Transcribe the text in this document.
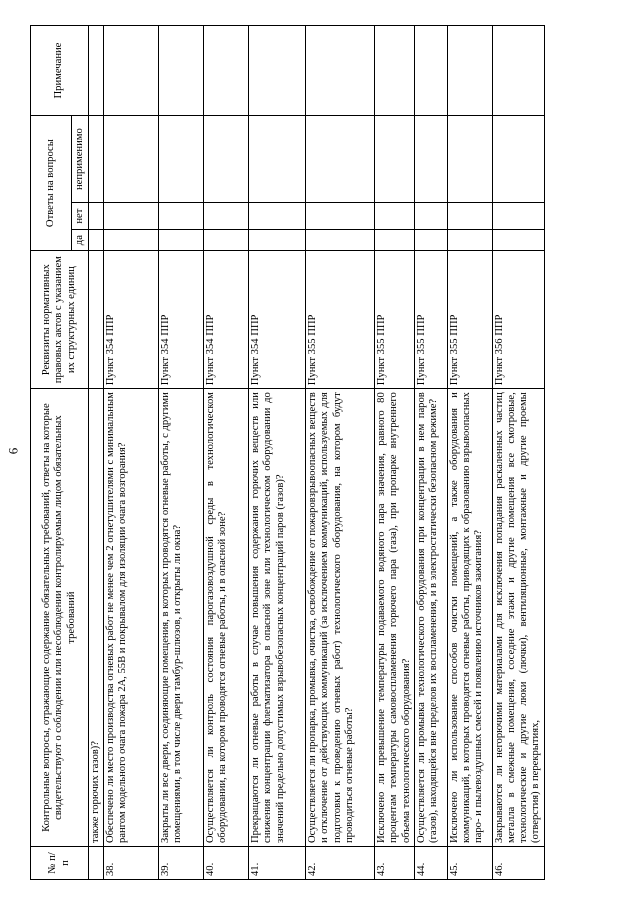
6
№ п/п	Контрольные вопросы, отражающие содержание обязательных требований, ответы на которые свидетельствуют о соблюдении или несоблюдении контролируемым лицом обязательных требований	Реквизиты нормативных правовых актов с указанием их структурных единиц	Ответы на вопросы			Примечание
			да	нет	неприменимо	
	также горючих газов)?					
38.	Обеспечено ли место производства огневых работ не менее чем 2 огнетушителями с минимальным рангом модельного очага пожара 2А, 55В и покрывалом для изоляции очага возгорания?	Пункт 354 ППР				
39.	Закрыты ли все двери, соединяющие помещения, в которых проводятся огневые работы, с другими помещениями, в том числе двери тамбур-шлюзов, и открыты ли окна?	Пункт 354 ППР				
40.	Осуществляется ли контроль состояния парогазовоздушной среды в технологическом оборудовании, на котором проводятся огневые работы, и в опасной зоне?	Пункт 354 ППР				
41.	Прекращаются ли огневые работы в случае повышения содержания горючих веществ или снижения концентрации флегматизатора в опасной зоне или технологическом оборудовании до значений предельно допустимых взрывобезопасных концентраций паров (газов)?	Пункт 354 ППР				
42.	Осуществляется ли пропарка, промывка, очистка, освобождение от пожаровзрывоопасных веществ и отключение от действующих коммуникаций (за исключением коммуникаций, используемых для подготовки к проведению огневых работ) технологического оборудования, на котором будут проводиться огневые работы?	Пункт 355 ППР				
43.	Исключено ли превышение температуры подаваемого водяного пара значения, равного 80 процентам температуры самовоспламенения горючего пара (газа), при пропарке внутреннего объема технологического оборудования?	Пункт 355 ППР				
44.	Осуществляется ли промывка технологического оборудования при концентрации в нем паров (газов), находящейся вне пределов их воспламенения, и в электростатически безопасном режиме?	Пункт 355 ППР				
45.	Исключено ли использование способов очистки помещений, а также оборудования и коммуникаций, в которых проводятся огневые работы, приводящих к образованию взрывоопасных паро- и пылевоздушных смесей и появлению источников зажигания?	Пункт 355 ППР				
46.	Закрываются ли негорючими материалами для исключения попадания раскаленных частиц металла в смежные помещения, соседние этажи и другие помещения все смотровые, технологические и другие люки (лючки), вентиляционные, монтажные и другие проемы (отверстия) в перекрытиях,	Пункт 356 ППР				
